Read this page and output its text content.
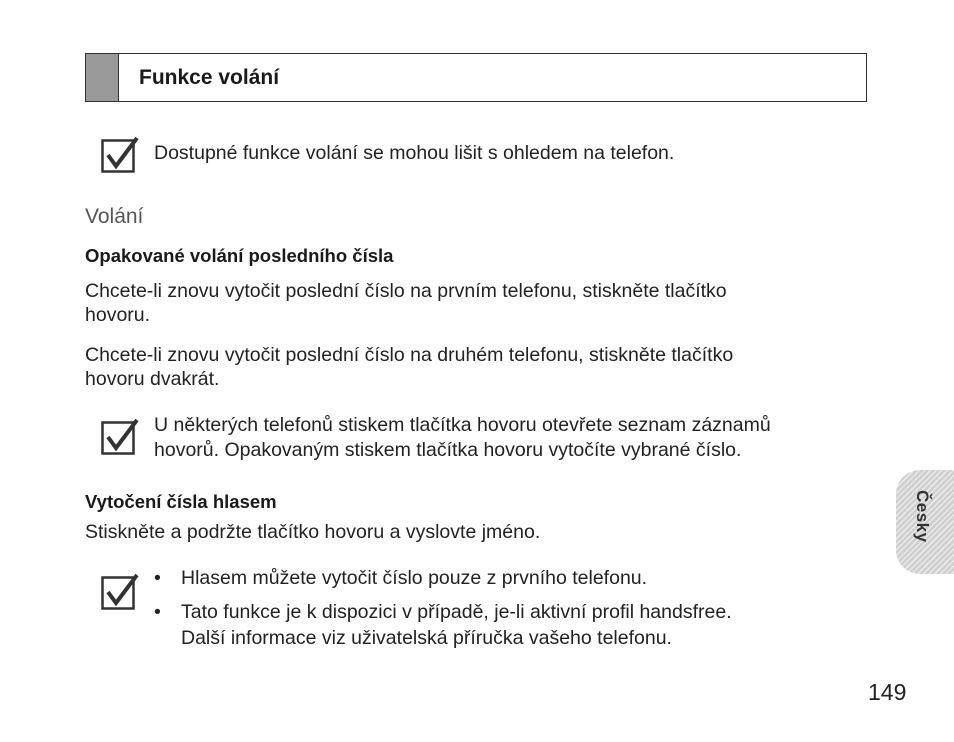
Funkce volání
Dostupné funkce volání se mohou lišit s ohledem na telefon.
Volání
Opakované volání posledního čísla
Chcete-li znovu vytočit poslední číslo na prvním telefonu, stiskněte tlačítko
hovoru.
Chcete-li znovu vytočit poslední číslo na druhém telefonu, stiskněte tlačítko
hovoru dvakrát.
U některých telefonů stiskem tlačítka hovoru otevřete seznam záznamů
hovorů. Opakovaným stiskem tlačítka hovoru vytočíte vybrané číslo.
Vytočení čísla hlasem
Stiskněte a podržte tlačítko hovoru a vyslovte jméno.
• Hlasem můžete vytočit číslo pouze z prvního telefonu.
• Tato funkce je k dispozici v případě, je-li aktivní profil handsfree.
Další informace viz uživatelská příručka vašeho telefonu.
Česky
149
